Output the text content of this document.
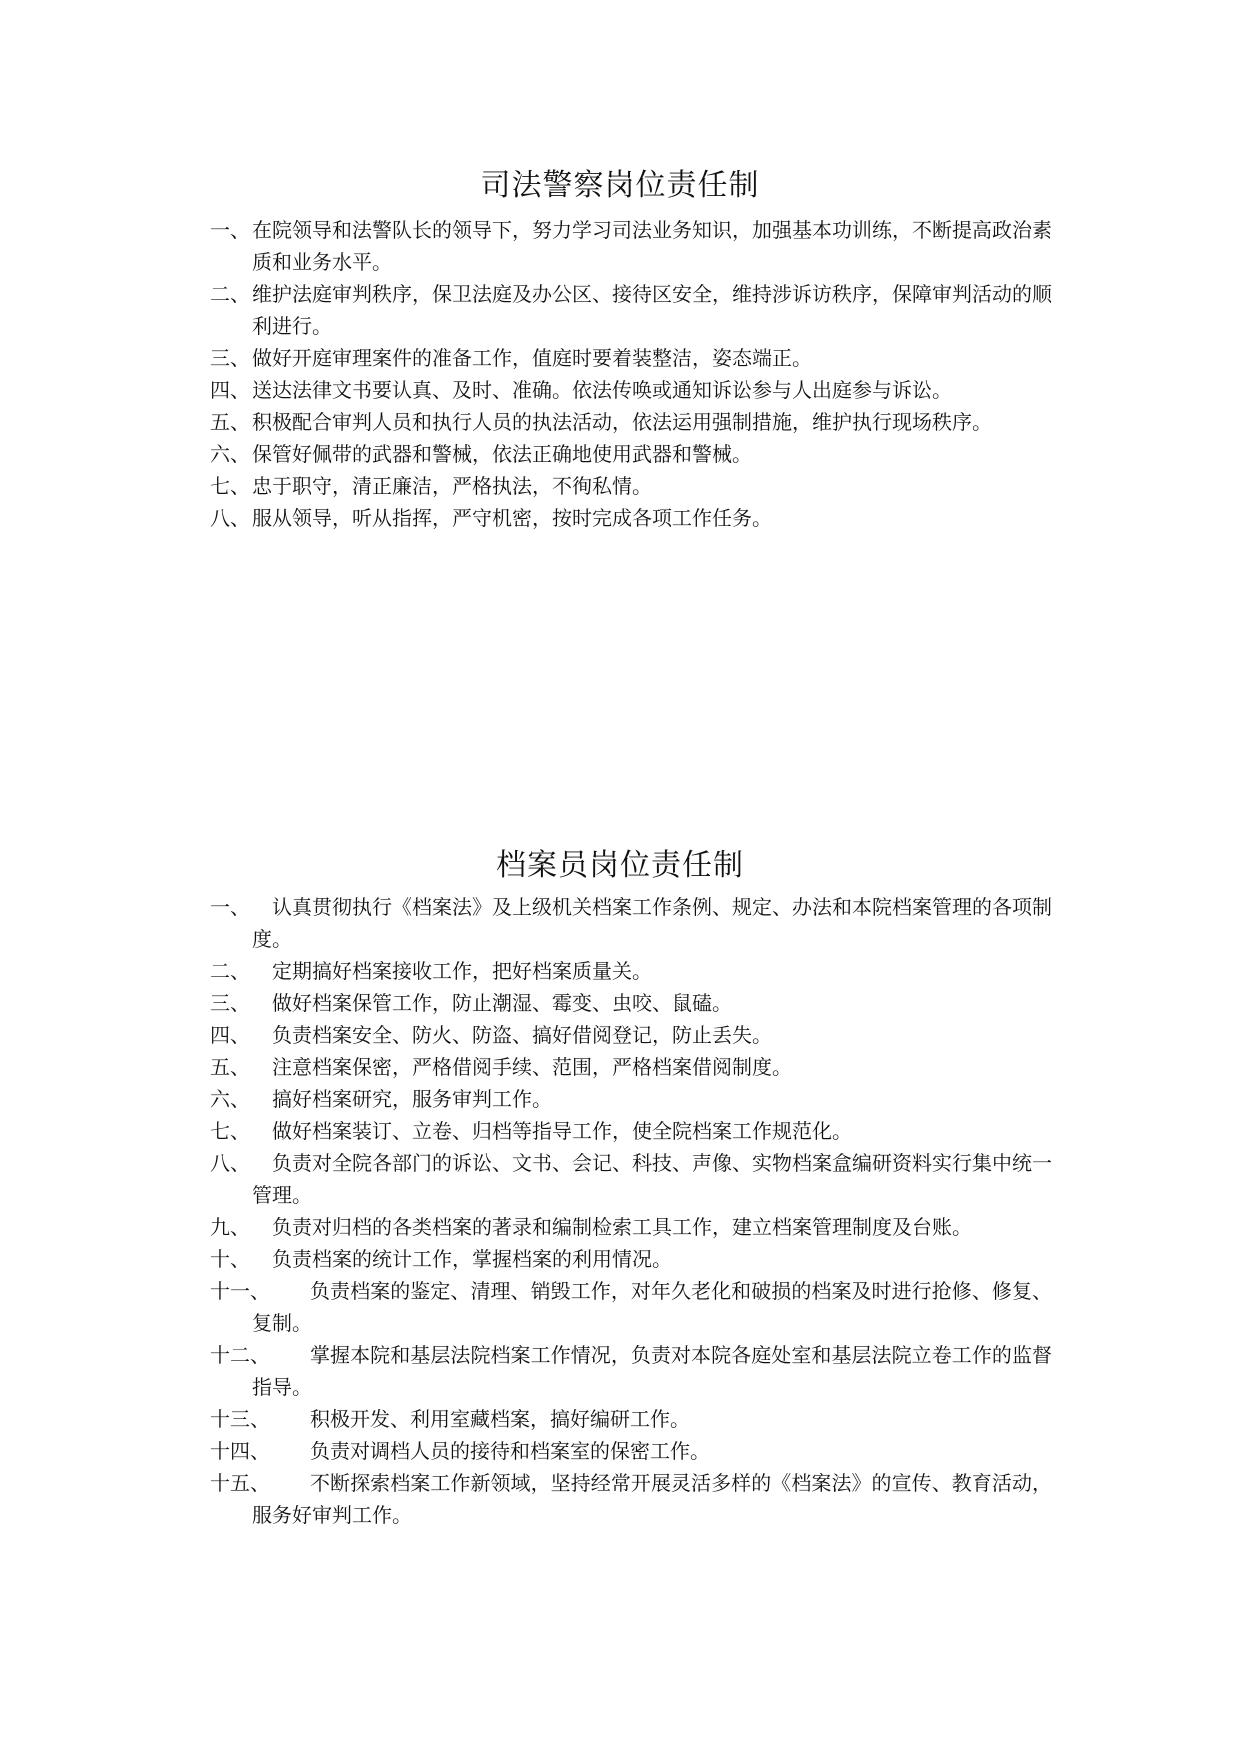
司法警察岗位责任制
一、 在院领导和法警队长的领导下，努力学习司法业务知识，加强基本功训练，不断提高政治素质和业务水平。
二、 维护法庭审判秩序，保卫法庭及办公区、接待区安全，维持涉诉访秩序，保障审判活动的顺利进行。
三、 做好开庭审理案件的准备工作，值庭时要着装整洁，姿态端正。
四、 送达法律文书要认真、及时、准确。依法传唤或通知诉讼参与人出庭参与诉讼。
五、 积极配合审判人员和执行人员的执法活动，依法运用强制措施，维护执行现场秩序。
六、 保管好佩带的武器和警械，依法正确地使用武器和警械。
七、 忠于职守，清正廉洁，严格执法，不徇私情。
八、 服从领导，听从指挥，严守机密，按时完成各项工作任务。
档案员岗位责任制
一、	认真贯彻执行《档案法》及上级机关档案工作条例、规定、办法和本院档案管理的各项制度。
二、	定期搞好档案接收工作，把好档案质量关。
三、	做好档案保管工作，防止潮湿、霉变、虫咬、鼠磕。
四、	负责档案安全、防火、防盗、搞好借阅登记，防止丢失。
五、	注意档案保密，严格借阅手续、范围，严格档案借阅制度。
六、	搞好档案研究，服务审判工作。
七、	做好档案装订、立卷、归档等指导工作，使全院档案工作规范化。
八、	负责对全院各部门的诉讼、文书、会记、科技、声像、实物档案盒编研资料实行集中统一管理。
九、	负责对归档的各类档案的著录和编制检索工具工作，建立档案管理制度及台账。
十、	负责档案的统计工作，掌握档案的利用情况。
十一、	负责档案的鉴定、清理、销毁工作，对年久老化和破损的档案及时进行抢修、修复、复制。
十二、	掌握本院和基层法院档案工作情况，负责对本院各庭处室和基层法院立卷工作的监督指导。
十三、	积极开发、利用室藏档案，搞好编研工作。
十四、	负责对调档人员的接待和档案室的保密工作。
十五、	不断探索档案工作新领域，坚持经常开展灵活多样的《档案法》的宣传、教育活动，服务好审判工作。
